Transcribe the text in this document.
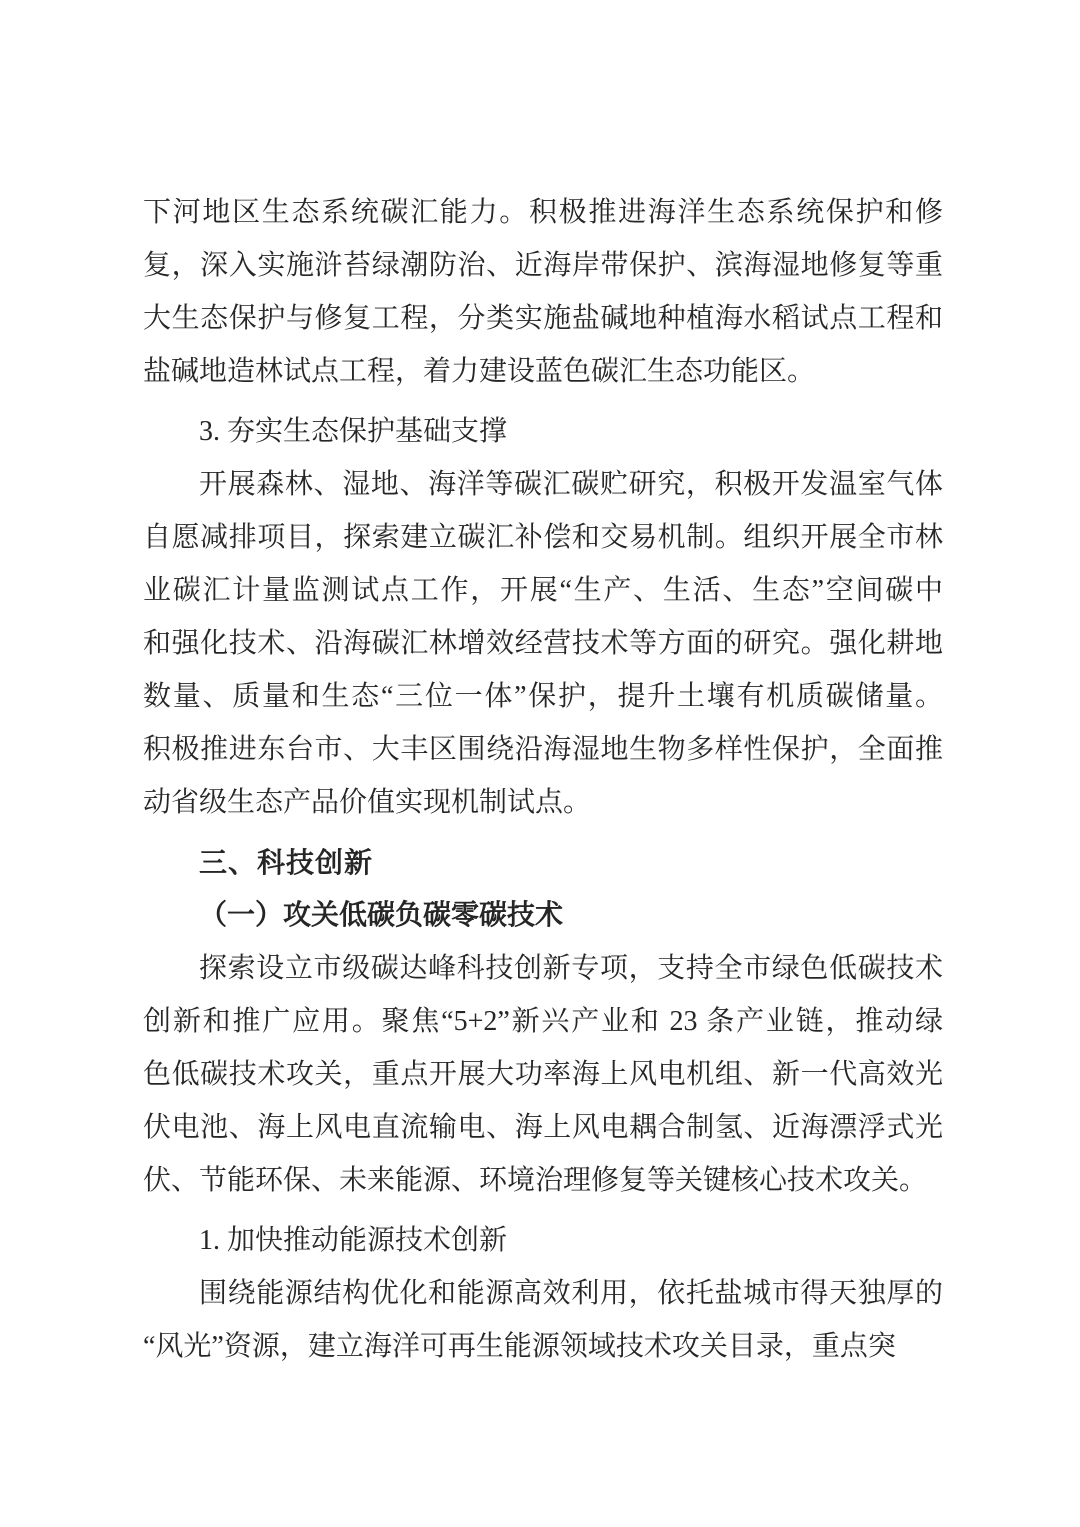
下河地区生态系统碳汇能力。积极推进海洋生态系统保护和修
复，深入实施浒苔绿潮防治、近海岸带保护、滨海湿地修复等重
大生态保护与修复工程，分类实施盐碱地种植海水稻试点工程和
盐碱地造林试点工程，着力建设蓝色碳汇生态功能区。
3. 夯实生态保护基础支撑
开展森林、湿地、海洋等碳汇碳贮研究，积极开发温室气体
自愿减排项目，探索建立碳汇补偿和交易机制。组织开展全市林
业碳汇计量监测试点工作，开展“生产、生活、生态”空间碳中
和强化技术、沿海碳汇林增效经营技术等方面的研究。强化耕地
数量、质量和生态“三位一体”保护，提升土壤有机质碳储量。
积极推进东台市、大丰区围绕沿海湿地生物多样性保护，全面推
动省级生态产品价值实现机制试点。
三、科技创新
（一）攻关低碳负碳零碳技术
探索设立市级碳达峰科技创新专项，支持全市绿色低碳技术
创新和推广应用。聚焦“5+2”新兴产业和 23 条产业链，推动绿
色低碳技术攻关，重点开展大功率海上风电机组、新一代高效光
伏电池、海上风电直流输电、海上风电耦合制氢、近海漂浮式光
伏、节能环保、未来能源、环境治理修复等关键核心技术攻关。
1. 加快推动能源技术创新
围绕能源结构优化和能源高效利用，依托盐城市得天独厚的
“风光”资源，建立海洋可再生能源领域技术攻关目录，重点突
